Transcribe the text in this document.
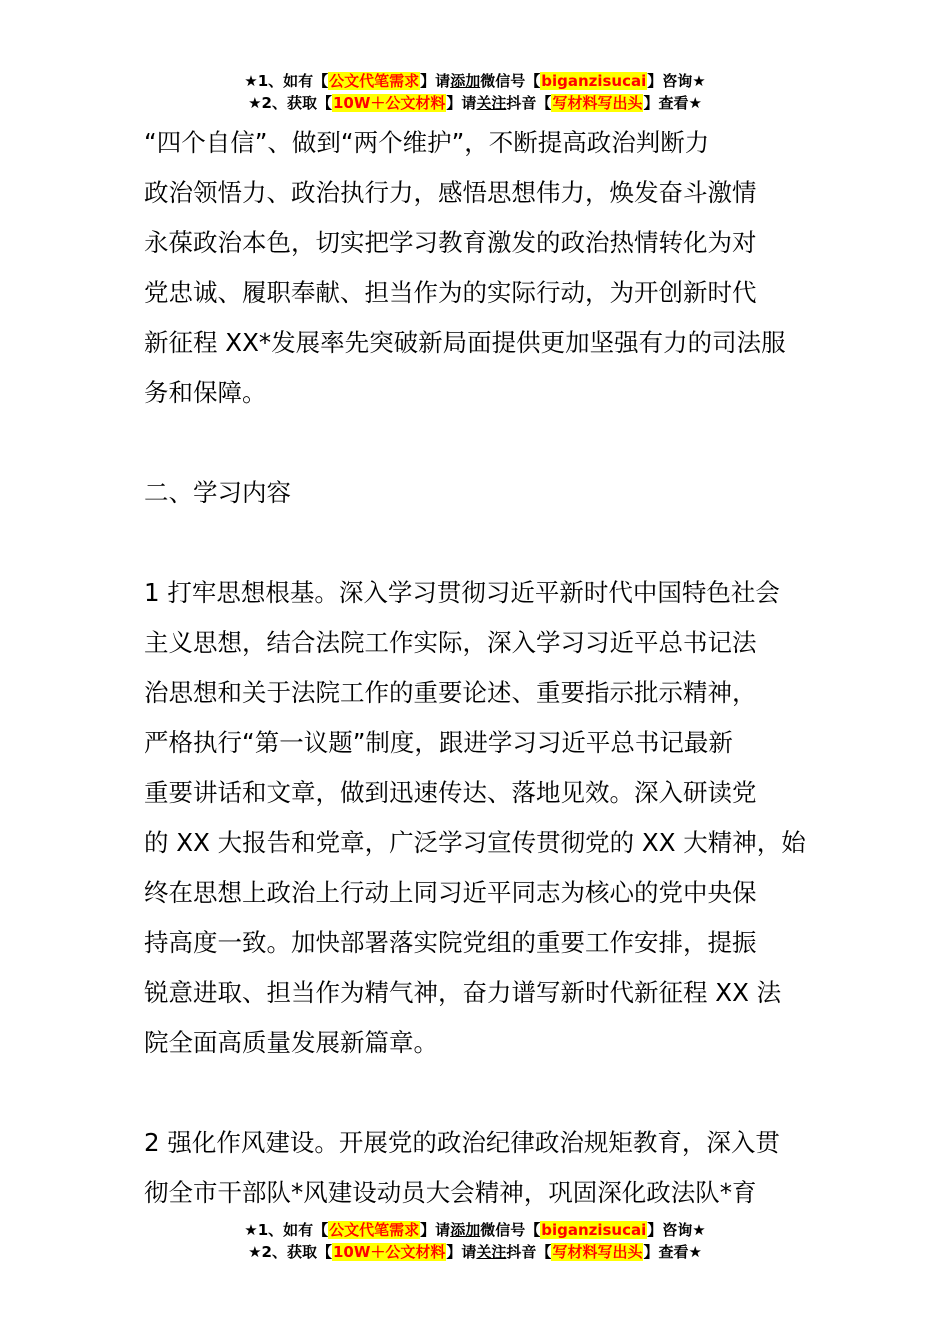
★1、如有【公文代笔需求】请添加微信号【biganzisucai】咨询★
★2、获取【10W＋公文材料】请关注抖音【写材料写出头】查看★
“四个自信”、做到“两个维护”，不断提高政治判断力
政治领悟力、政治执行力，感悟思想伟力，焕发奋斗激情
永葆政治本色，切实把学习教育激发的政治热情转化为对
党忠诚、履职奉献、担当作为的实际行动，为开创新时代
新征程 XX*发展率先突破新局面提供更加坚强有力的司法服
务和保障。
二、学习内容
1 打牢思想根基。深入学习贯彻习近平新时代中国特色社会
主义思想，结合法院工作实际，深入学习习近平总书记法
治思想和关于法院工作的重要论述、重要指示批示精神，
严格执行“第一议题”制度，跟进学习习近平总书记最新
重要讲话和文章，做到迅速传达、落地见效。深入研读党
的 XX 大报告和党章，广泛学习宣传贯彻党的 XX 大精神，始
终在思想上政治上行动上同习近平同志为核心的党中央保
持高度一致。加快部署落实院党组的重要工作安排，提振
锐意进取、担当作为精气神，奋力谱写新时代新征程 XX 法
院全面高质量发展新篇章。
2 强化作风建设。开展党的政治纪律政治规矩教育，深入贯
彻全市干部队*风建设动员大会精神，巩固深化政法队*育
★1、如有【公文代笔需求】请添加微信号【biganzisucai】咨询★
★2、获取【10W＋公文材料】请关注抖音【写材料写出头】查看★
